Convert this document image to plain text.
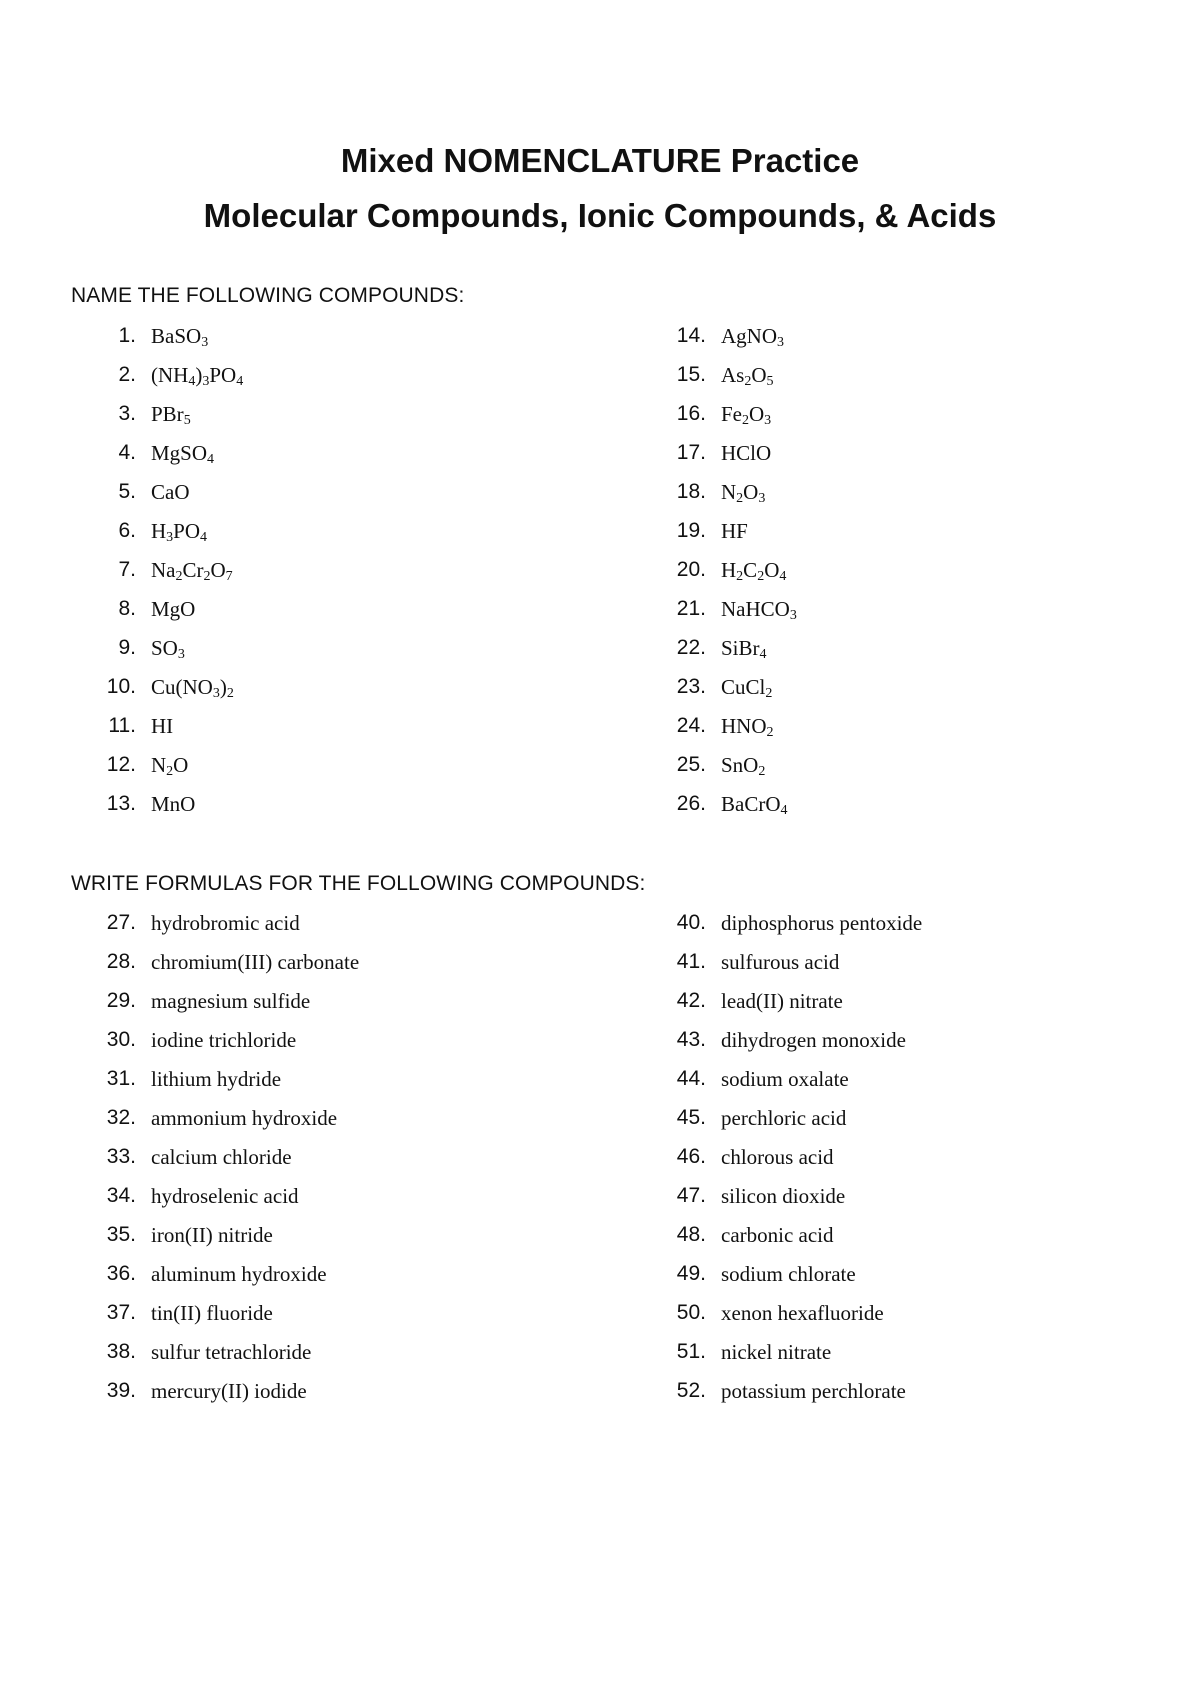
Mixed NOMENCLATURE Practice
Molecular Compounds, Ionic Compounds, & Acids
NAME THE FOLLOWING COMPOUNDS:
1. BaSO$_3$
2. $(NH_4)_3PO_4$
3. PBr$_5$
4. MgSO$_4$
5. CaO
6. $H_3PO_4$
7. $Na_2Cr_2O_7$
8. MgO
9. $SO_3$
10. $Cu(NO_3)_2$
11. HI
12. $N_2O$
13. MnO
14. AgNO$_3$
15. $As_2O_5$
16. $Fe_2O_3$
17. HClO
18. $N_2O_3$
19. HF
20. $H_2C_2O_4$
21. NaHCO$_3$
22. SiBr$_4$
23. CuCl$_2$
24. $HNO_2$
25. SnO$_2$
26. BaCrO$_4$
WRITE FORMULAS FOR THE FOLLOWING COMPOUNDS:
27. hydrobromic acid
28. chromium(III) carbonate
29. magnesium sulfide
30. iodine trichloride
31. lithium hydride
32. ammonium hydroxide
33. calcium chloride
34. hydroselenic acid
35. iron(II) nitride
36. aluminum hydroxide
37. tin(II) fluoride
38. sulfur tetrachloride
39. mercury(II) iodide
40. diphosphorus pentoxide
41. sulfurous acid
42. lead(II) nitrate
43. dihydrogen monoxide
44. sodium oxalate
45. perchloric acid
46. chlorous acid
47. silicon dioxide
48. carbonic acid
49. sodium chlorate
50. xenon hexafluoride
51. nickel nitrate
52. potassium perchlorate
